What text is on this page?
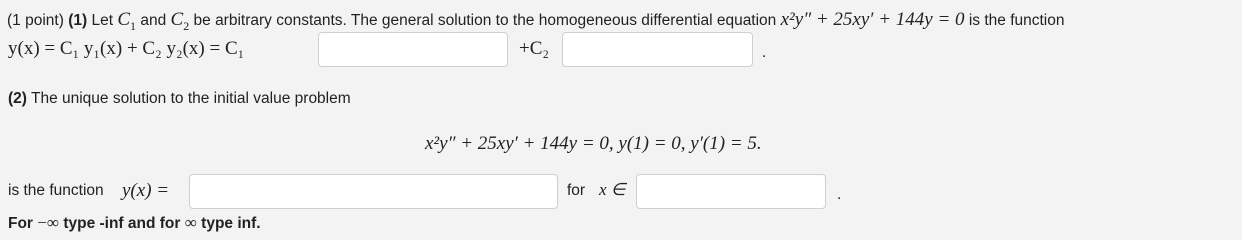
(1 point) (1) Let $C_1$ and $C_2$ be arbitrary constants. The general solution to the homogeneous differential equation x²y″ + 25xy′ + 144y = 0 is the function
y(x) = C₁ y₁(x) + C₂ y₂(x) = C₁	+C₂	.
(2) The unique solution to the initial value problem
x²y″ + 25xy′ + 144y = 0, y(1) = 0, y′(1) = 5.
is the function y(x) =	for x ∈	.
For −∞ type -inf and for ∞ type inf.
